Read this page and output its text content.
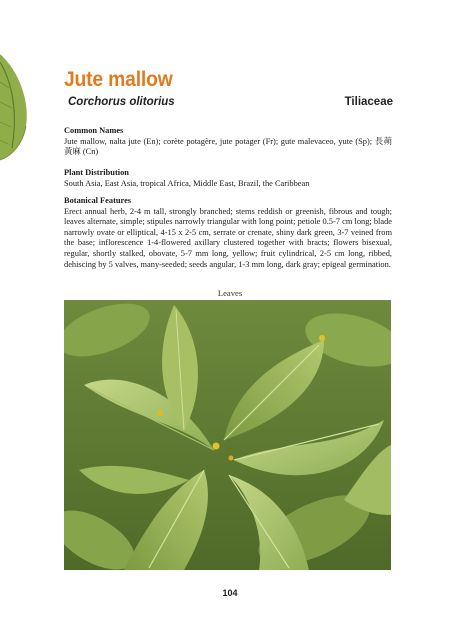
Jute mallow
Corchorus olitorius	Tiliaceae
Common Names

Jute mallow, nalta jute (En); corète potagère, jute potager (Fr); gute malevaceo, yute (Sp); 長蒴黃麻 (Cn)

Plant Distribution

South Asia, East Asia, tropical Africa, Middle East, Brazil, the Caribbean

Botanical Features

Erect annual herb, 2-4 m tall, strongly branched; stems reddish or greenish, fibrous and tough; leaves alternate, simple; stipules narrowly triangular with long point; petiole 0.5-7 cm long; blade narrowly ovate or elliptical, 4-15 x 2-5 cm, serrate or crenate, shiny dark green, 3-7 veined from the base; inflorescence 1-4-flowered axillary clustered together with bracts; flowers bisexual, regular, shortly stalked, obovate, 5-7 mm long, yellow; fruit cylindrical, 2-5 cm long, ribbed, dehiscing by 5 valves, many-seeded; seeds angular, 1-3 mm long, dark gray; epigeal germination.

Leaves
104
